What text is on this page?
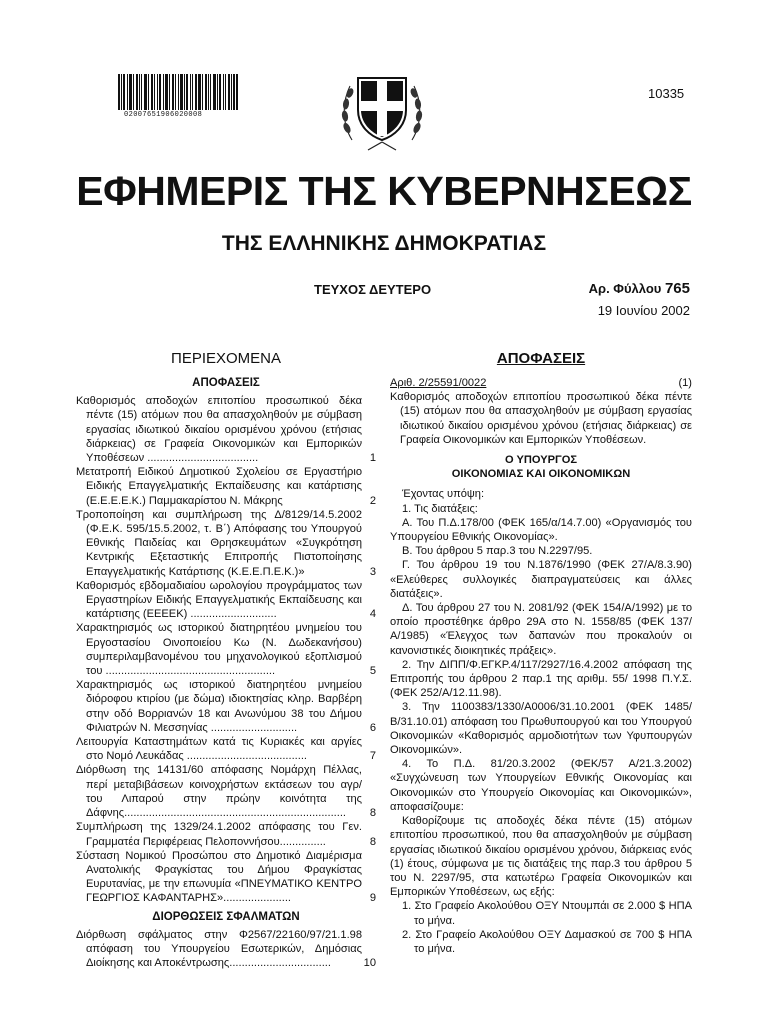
02007651906020008
10335
ΕΦΗΜΕΡΙΣ ΤΗΣ ΚΥΒΕΡΝΗΣΕΩΣ
ΤΗΣ ΕΛΛΗΝΙΚΗΣ ΔΗΜΟΚΡΑΤΙΑΣ
ΤΕΥΧΟΣ ΔΕΥΤΕΡΟ	Αρ. Φύλλου 765
19 Ιουνίου 2002
ΠΕΡΙΕΧΟΜΕΝΑ
ΑΠΟΦΑΣΕΙΣ
Καθορισμός αποδοχών επιτοπίου προσωπικού δέκα πέντε (15) ατόμων που θα απασχοληθούν με σύμβαση εργασίας ιδιωτικού δικαίου ορισμένου χρόνου (ετήσιας διάρκειας) σε Γραφεία Οικονομικών και Εμπορικών Υποθέσεων ....................................	1
Μετατροπή Ειδικού Δημοτικού Σχολείου σε Εργαστήριο Ειδικής Επαγγελματικής Εκπαίδευσης και κατάρτισης (Ε.Ε.Ε.Ε.Κ.) Παμμακαρίστου Ν. Μάκρης	2
Τροποποίηση και συμπλήρωση της Δ/8129/14.5.2002 (Φ.Ε.Κ. 595/15.5.2002, τ. Β΄) Απόφασης του Υπουργού Εθνικής Παιδείας και Θρησκευμάτων «Συγκρότηση Κεντρικής Εξεταστικής Επιτροπής Πιστοποίησης Επαγγελματικής Κατάρτισης (Κ.Ε.Ε.Π.Ε.Κ.)»	3
Καθορισμός εβδομαδιαίου ωρολογίου προγράμματος των Εργαστηρίων Ειδικής Επαγγελματικής Εκπαίδευσης και κατάρτισης (ΕΕΕΕΚ) ............................	4
Χαρακτηρισμός ως ιστορικού διατηρητέου μνημείου του Εργοστασίου Οινοποιείου Κω (Ν. Δωδεκανήσου) συμπεριλαμβανομένου του μηχανολογικού εξοπλισμού του .......................................................	5
Χαρακτηρισμός ως ιστορικού διατηρητέου μνημείου διόροφου κτιρίου (με δώμα) ιδιοκτησίας κληρ. Βαρβέρη στην οδό Βορριανών 18 και Ανωνύμου 38 του Δήμου Φιλιατρών Ν. Μεσσηνίας ............................	6
Λειτουργία Καταστημάτων κατά τις Κυριακές και αργίες στο Νομό Λευκάδας .......................................	7
Διόρθωση της 14131/60 απόφασης Νομάρχη Πέλλας, περί μεταβιβάσεων κοινοχρήστων εκτάσεων του αγρ/του Λιπαρού στην πρώην κοινότητα της Δάφνης........................................................................	8
Συμπλήρωση της 1329/24.1.2002 απόφασης του Γεν. Γραμματέα Περιφέρειας Πελοποννήσου...............	8
Σύσταση Νομικού Προσώπου στο Δημοτικό Διαμέρισμα Ανατολικής Φραγκίστας του Δήμου Φραγκίστας Ευρυτανίας, με την επωνυμία «ΠΝΕΥΜΑΤΙΚΟ ΚΕΝΤΡΟ ΓΕΩΡΓΙΟΣ ΚΑΦΑΝΤΑΡΗΣ»......................	9
ΔΙΟΡΘΩΣΕΙΣ ΣΦΑΛΜΑΤΩΝ
Διόρθωση σφάλματος στην Φ2567/22160/97/21.1.98 απόφαση του Υπουργείου Εσωτερικών, Δημόσιας Διοίκησης και Αποκέντρωσης.................................	10
ΑΠΟΦΑΣΕΙΣ
Αριθ. 2/25591/0022	(1)
Καθορισμός αποδοχών επιτοπίου προσωπικού δέκα πέντε (15) ατόμων που θα απασχοληθούν με σύμβαση εργασίας ιδιωτικού δικαίου ορισμένου χρόνου (ετήσιας διάρκειας) σε Γραφεία Οικονομικών και Εμπορικών Υποθέσεων.
Ο ΥΠΟΥΡΓΟΣ
ΟΙΚΟΝΟΜΙΑΣ ΚΑΙ ΟΙΚΟΝΟΜΙΚΩΝ
Έχοντας υπόψη:
1. Τις διατάξεις:
Α. Του Π.Δ.178/00 (ΦΕΚ 165/α/14.7.00) «Οργανισμός του Υπουργείου Εθνικής Οικονομίας».
Β. Του άρθρου 5 παρ.3 του Ν.2297/95.
Γ. Του άρθρου 19 του Ν.1876/1990 (ΦΕΚ 27/Α/8.3.90) «Ελεύθερες συλλογικές διαπραγματεύσεις και άλλες διατάξεις».
Δ. Του άρθρου 27 του Ν. 2081/92 (ΦΕΚ 154/Α/1992) με το οποίο προστέθηκε άρθρο 29Α στο Ν. 1558/85 (ΦΕΚ 137/Α/1985) «Έλεγχος των δαπανών που προκαλούν οι κανονιστικές διοικητικές πράξεις».
2. Την ΔΙΠΠ/Φ.ΕΓΚΡ.4/117/2927/16.4.2002 απόφαση της Επιτροπής του άρθρου 2 παρ.1 της αριθμ. 55/ 1998 Π.Υ.Σ. (ΦΕΚ 252/Α/12.11.98).
3. Την 1100383/1330/Α0006/31.10.2001 (ΦΕΚ 1485/Β/31.10.01) απόφαση του Πρωθυπουργού και του Υπουργού Οικονομικών «Καθορισμός αρμοδιοτήτων των Υφυπουργών Οικονομικών».
4. Το Π.Δ. 81/20.3.2002 (ΦΕΚ/57 Α/21.3.2002) «Συγχώνευση των Υπουργείων Εθνικής Οικονομίας και Οικονομικών στο Υπουργείο Οικονομίας και Οικονομικών», αποφασίζουμε:
Καθορίζουμε τις αποδοχές δέκα πέντε (15) ατόμων επιτοπίου προσωπικού, που θα απασχοληθούν με σύμβαση εργασίας ιδιωτικού δικαίου ορισμένου χρόνου, διάρκειας ενός (1) έτους, σύμφωνα με τις διατάξεις της παρ.3 του άρθρου 5 του Ν. 2297/95, στα κατωτέρω Γραφεία Οικονομικών και Εμπορικών Υποθέσεων, ως εξής:
1. Στο Γραφείο Ακολούθου ΟΞΥ Ντουμπάι σε 2.000 $ ΗΠΑ το μήνα.
2. Στο Γραφείο Ακολούθου ΟΞΥ Δαμασκού σε 700 $ ΗΠΑ το μήνα.
